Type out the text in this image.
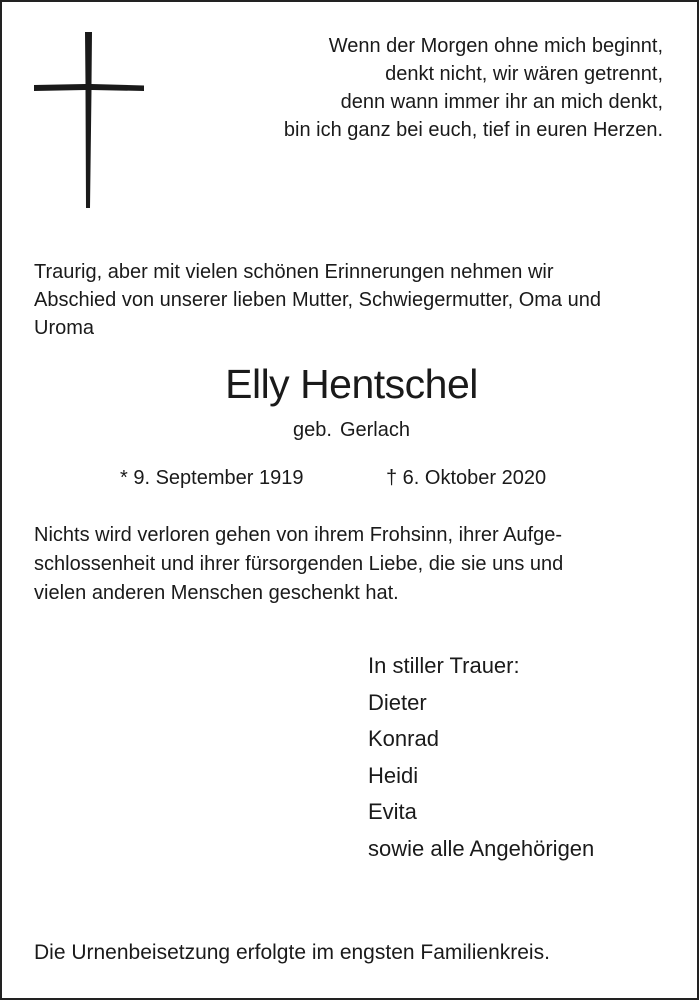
Wenn der Morgen ohne mich beginnt,
denkt nicht, wir wären getrennt,
denn wann immer ihr an mich denkt,
bin ich ganz bei euch, tief in euren Herzen.
Traurig, aber mit vielen schönen Erinnerungen nehmen wir
Abschied von unserer lieben Mutter, Schwiegermutter, Oma und
Uroma
Elly Hentschel
geb. Gerlach
* 9. September 1919	† 6. Oktober 2020
Nichts wird verloren gehen von ihrem Frohsinn, ihrer Aufge-
schlossenheit und ihrer fürsorgenden Liebe, die sie uns und
vielen anderen Menschen geschenkt hat.
In stiller Trauer:
Dieter
Konrad
Heidi
Evita
sowie alle Angehörigen
Die Urnenbeisetzung erfolgte im engsten Familienkreis.
